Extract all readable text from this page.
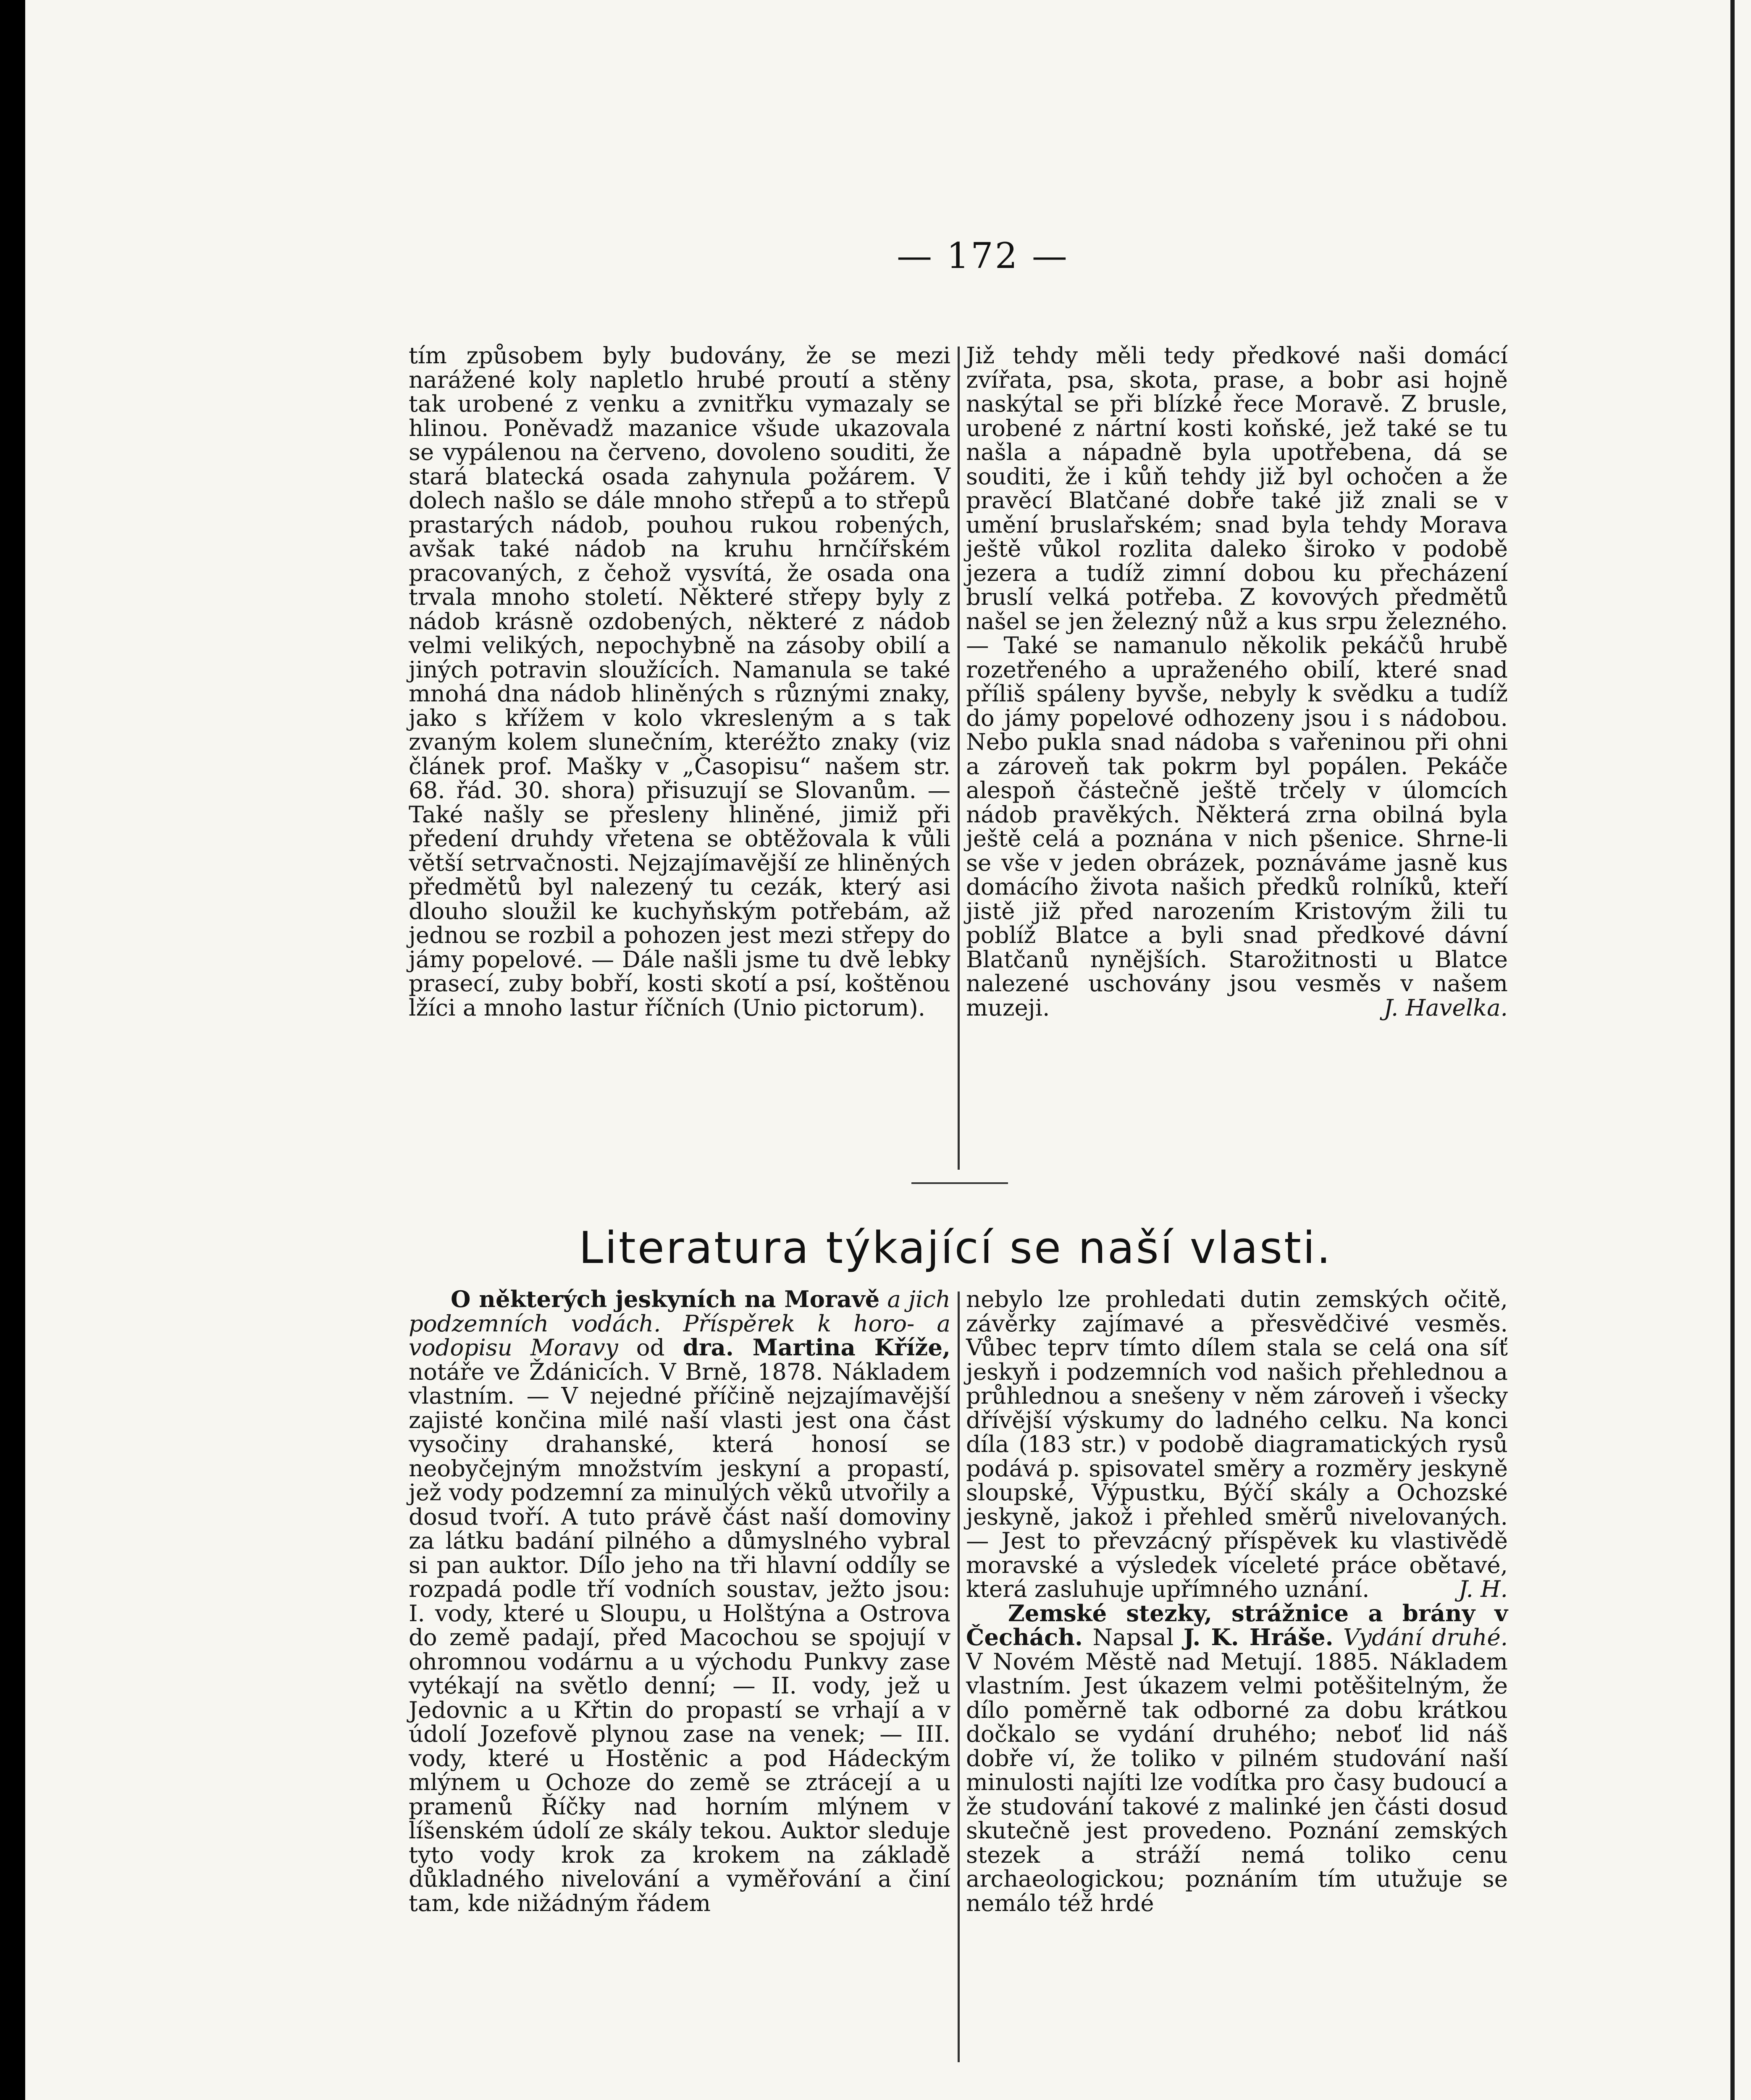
— 172 —

tím způsobem byly budovány, že se mezi narážené koly napletlo hrubé proutí a stěny tak urobené z venku a zvnitřku vymazaly se hlinou. Poněvadž mazanice všude ukazovala se vypálenou na červeno, dovoleno souditi, že stará blatecká osada zahynula požárem. V dolech našlo se dále mnoho střepů a to střepů prastarých nádob, pouhou rukou robených, avšak také nádob na kruhu hrnčířském pracovaných, z čehož vysvítá, že osada ona trvala mnoho století. Některé střepy byly z nádob krásně ozdobených, některé z nádob velmi velikých, nepochybně na zásoby obilí a jiných potravin sloužících. Namanula se také mnohá dna nádob hliněných s různými znaky, jako s křížem v kolo vkresleným a s tak zvaným kolem slunečním, kteréžto znaky (viz článek prof. Mašky v „Časopisu“ našem str. 68. řád. 30. shora) přisuzují se Slovanům. — Také našly se přesleny hliněné, jimiž při předení druhdy vřetena se obtěžovala k vůli větší setrvačnosti. Nejzajímavější ze hliněných předmětů byl nalezený tu cezák, který asi dlouho sloužil ke kuchyňským potřebám, až jednou se rozbil a pohozen jest mezi střepy do jámy popelové. — Dále našli jsme tu dvě lebky prasecí, zuby bobří, kosti skotí a psí, koštěnou lžíci a mnoho lastur říčních (Unio pictorum).

Již tehdy měli tedy předkové naši domácí zvířata, psa, skota, prase, a bobr asi hojně naskýtal se při blízké řece Moravě. Z brusle, urobené z nártní kosti koňské, jež také se tu našla a nápadně byla upotřebena, dá se souditi, že i kůň tehdy již byl ochočen a že pravěcí Blatčané dobře také již znali se v umění bruslařském; snad byla tehdy Morava ještě vůkol rozlita daleko široko v podobě jezera a tudíž zimní dobou ku přecházení bruslí velká potřeba. Z kovových předmětů našel se jen železný nůž a kus srpu železného. — Také se namanulo několik pekáčů hrubě rozetřeného a upraženého obilí, které snad příliš spáleny byvše, nebyly k svědku a tudíž do jámy popelové odhozeny jsou i s nádobou. Nebo pukla snad nádoba s vařeninou při ohni a zároveň tak pokrm byl popálen. Pekáče alespoň částečně ještě trčely v úlomcích nádob pravěkých. Některá zrna obilná byla ještě celá a poznána v nich pšenice. Shrne-li se vše v jeden obrázek, poznáváme jasně kus domácího života našich předků rolníků, kteří jistě již před narozením Kristovým žili tu poblíž Blatce a byli snad předkové dávní Blatčanů nynějších. Starožitnosti u Blatce nalezené uschovány jsou vesměs v našem muzeji.	J. Havelka.

Literatura týkající se naší vlasti.

O některých jeskyních na Moravě a jich podzemních vodách. Příspěrek k horo- a vodopisu Moravy od dra. Martina Kříže, notáře ve Ždánicích. V Brně, 1878. Nákladem vlastním. — V nejedné příčině nejzajímavější zajisté končina milé naší vlasti jest ona část vysočiny drahanské, která honosí se neobyčejným množstvím jeskyní a propastí, jež vody podzemní za minulých věků utvořily a dosud tvoří. A tuto právě část naší domoviny za látku badání pilného a důmyslného vybral si pan auktor. Dílo jeho na tři hlavní oddíly se rozpadá podle tří vodních soustav, ježto jsou: I. vody, které u Sloupu, u Holštýna a Ostrova do země padají, před Macochou se spojují v ohromnou vodárnu a u východu Punkvy zase vytékají na světlo denní; — II. vody, jež u Jedovnic a u Křtin do propastí se vrhají a v údolí Jozefově plynou zase na venek; — III. vody, které u Hostěnic a pod Hádeckým mlýnem u Ochoze do země se ztrácejí a u pramenů Říčky nad horním mlýnem v líšenském údolí ze skály tekou. Auktor sleduje tyto vody krok za krokem na základě důkladného nivelování a vyměřování a činí tam, kde nižádným řádem

nebylo lze prohledati dutin zemských očitě, závěrky zajímavé a přesvědčivé vesměs. Vůbec teprv tímto dílem stala se celá ona síť jeskyň i podzemních vod našich přehlednou a průhlednou a snešeny v něm zároveň i všecky dřívější výskumy do ladného celku. Na konci díla (183 str.) v podobě diagramatických rysů podává p. spisovatel směry a rozměry jeskyně sloupské, Výpustku, Býčí skály a Ochozské jeskyně, jakož i přehled směrů nivelovaných. — Jest to převzácný příspěvek ku vlastivědě moravské a výsledek víceleté práce obětavé, která zasluhuje upřímného uznání.	J. H.

Zemské stezky, strážnice a brány v Čechách. Napsal J. K. Hráše. Vydání druhé. V Novém Městě nad Metují. 1885. Nákladem vlastním. Jest úkazem velmi potěšitelným, že dílo poměrně tak odborné za dobu krátkou dočkalo se vydání druhého; neboť lid náš dobře ví, že toliko v pilném studování naší minulosti najíti lze vodítka pro časy budoucí a že studování takové z malinké jen části dosud skutečně jest provedeno. Poznání zemských stezek a stráží nemá toliko cenu archaeologickou; poznáním tím utužuje se nemálo též hrdé
